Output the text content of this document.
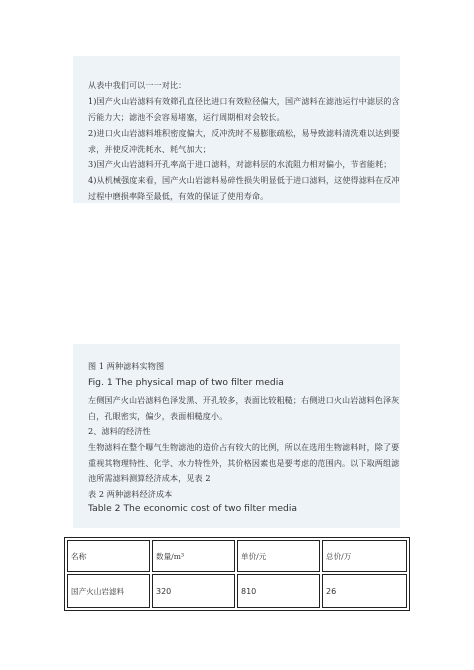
从表中我们可以一一对比：
1)国产火山岩滤料有效筛孔直径比进口有效粒径偏大，国产滤料在滤池运行中滤层的含污能力大；滤池不会容易堵塞，运行周期相对会较长。
2)进口火山岩滤料堆积密度偏大，反冲洗时不易膨胀疏松，易导致滤料清洗难以达到要求，并使反冲洗耗水、耗气加大；
3)国产火山岩滤料开孔率高于进口滤料，对滤料层的水流阻力相对偏小，节省能耗；
4)从机械强度来看，国产火山岩滤料易碎性损失明显低于进口滤料，这使得滤料在反冲过程中磨损率降至最低，有效的保证了使用寿命。
图 1 两种滤料实物图
Fig. 1 The physical map of two filter media
左侧国产火山岩滤料色泽发黑、开孔较多，表面比较粗糙；右侧进口火山岩滤料色泽灰白，孔眼密实，偏少，表面相糙度小。
2、滤料的经济性
生物滤料在整个曝气生物滤池的造价占有较大的比例，所以在选用生物滤料时，除了要重视其物理特性、化学、水力特性外，其价格因素也是要考虑的范围内。以下取两组滤池所需滤料测算经济成本，见表 2
表 2 两种滤料经济成本
Table 2 The economic cost of two filter media
名称	数量/m³	单价/元	总价/万
国产火山岩滤料	320	810	26
